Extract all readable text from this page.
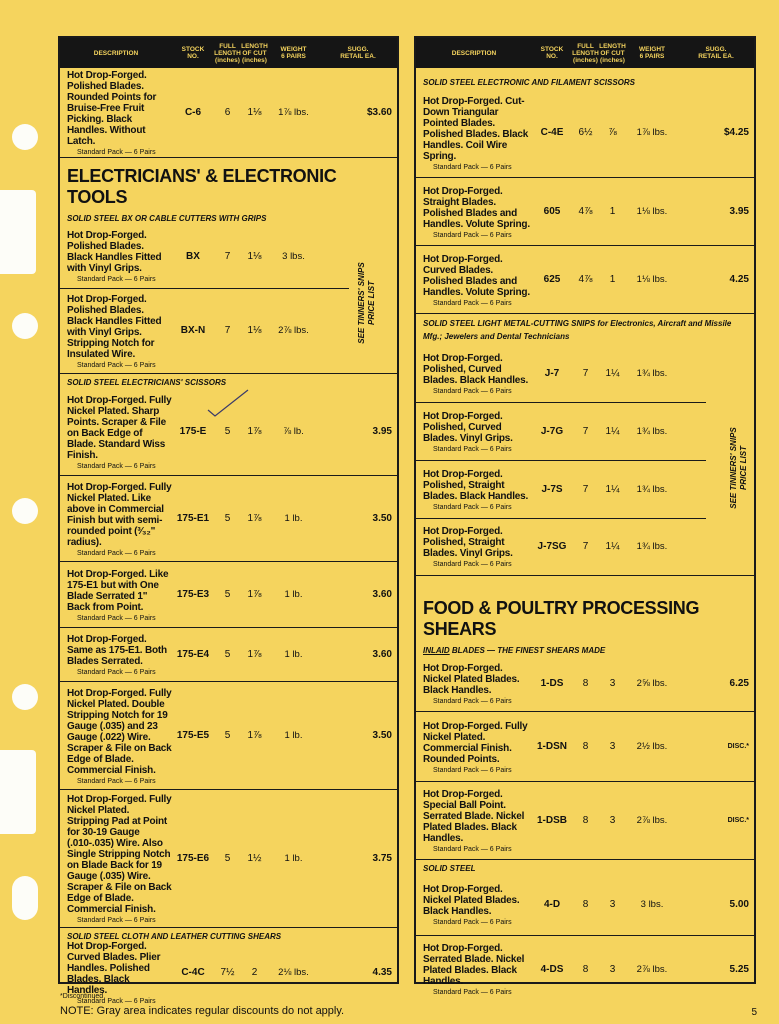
DESCRIPTION	STOCK
NO.
FULL
LENGTH
(inches)
LENGTH
OF CUT
(inches)
WEIGHT
6 PAIRS
SUGG.
RETAIL EA.
Hot Drop-Forged. Polished Blades. Rounded Points for Bruise-Free Fruit Picking. Black Handles. Without Latch.
Standard Pack — 6 Pairs
C-6	6	1⅛	1⅞ lbs.	$3.60
ELECTRICIANS' & ELECTRONIC TOOLS
SOLID STEEL BX OR CABLE CUTTERS WITH GRIPS
Hot Drop-Forged. Polished Blades. Black Handles Fitted with Vinyl Grips.
Standard Pack — 6 Pairs
BX	7	1⅛	3 lbs.
Hot Drop-Forged. Polished Blades. Black Handles Fitted with Vinyl Grips. Stripping Notch for Insulated Wire.
Standard Pack — 6 Pairs
BX-N	7	1⅛	2⅞ lbs.	SEE TINNERS' SNIPS PRICE LIST
SOLID STEEL ELECTRICIANS' SCISSORS
Hot Drop-Forged. Fully Nickel Plated. Sharp Points. Scraper & File on Back Edge of Blade. Standard Wiss Finish.
Standard Pack — 6 Pairs
175-E	5	1⅞	⅞ lb.	3.95
Hot Drop-Forged. Fully Nickel Plated. Like above in Commercial Finish but with semi-rounded point (³⁄₃₂" radius).
Standard Pack — 6 Pairs
175-E1	5	1⅞	1 lb.	3.50
Hot Drop-Forged. Like 175-E1 but with One Blade Serrated 1" Back from Point.
Standard Pack — 6 Pairs
175-E3	5	1⅞	1 lb.	3.60
Hot Drop-Forged. Same as 175-E1. Both Blades Serrated.
Standard Pack — 6 Pairs
175-E4	5	1⅞	1 lb.	3.60
Hot Drop-Forged. Fully Nickel Plated. Double Stripping Notch for 19 Gauge (.035) and 23 Gauge (.022) Wire. Scraper & File on Back Edge of Blade. Commercial Finish.
Standard Pack — 6 Pairs
175-E5	5	1⅞	1 lb.	3.50
Hot Drop-Forged. Fully Nickel Plated. Stripping Pad at Point for 30-19 Gauge (.010-.035) Wire. Also Single Stripping Notch on Blade Back for 19 Gauge (.035) Wire. Scraper & File on Back Edge of Blade. Commercial Finish.
Standard Pack — 6 Pairs
175-E6	5	1½	1 lb.	3.75
SOLID STEEL CLOTH AND LEATHER CUTTING SHEARS
Hot Drop-Forged. Curved Blades. Plier Handles. Polished Blades. Black Handles.
Standard Pack — 6 Pairs
C-4C	7½	2	2⅛ lbs.	4.35
DESCRIPTION	STOCK
NO.
FULL
LENGTH
(inches)
LENGTH
OF CUT
(inches)
WEIGHT
6 PAIRS
SUGG.
RETAIL EA.
SOLID STEEL ELECTRONIC AND FILAMENT SCISSORS
Hot Drop-Forged. Cut-Down Triangular Pointed Blades. Polished Blades. Black Handles. Coil Wire Spring.
Standard Pack — 6 Pairs
C-4E	6½	⅞	1⅞ lbs.	$4.25
Hot Drop-Forged. Straight Blades. Polished Blades and Handles. Volute Spring.
Standard Pack — 6 Pairs
605	4⅞	1	1⅛ lbs.	3.95
Hot Drop-Forged. Curved Blades. Polished Blades and Handles. Volute Spring.
Standard Pack — 6 Pairs
625	4⅞	1	1⅛ lbs.	4.25
SOLID STEEL LIGHT METAL-CUTTING SNIPS for Electronics, Aircraft and Missile Mfg.; Jewelers and Dental Technicians
Hot Drop-Forged. Polished, Curved Blades. Black Handles.
Standard Pack — 6 Pairs
J-7	7	1¼	1¾ lbs.
Hot Drop-Forged. Polished, Curved Blades. Vinyl Grips.
Standard Pack — 6 Pairs
J-7G	7	1¼	1¾ lbs.
Hot Drop-Forged. Polished, Straight Blades. Black Handles.
Standard Pack — 6 Pairs
J-7S	7	1¼	1¾ lbs.
Hot Drop-Forged. Polished, Straight Blades. Vinyl Grips.
Standard Pack — 6 Pairs
J-7SG	7	1¼	1¾ lbs.
SEE TINNERS' SNIPS PRICE LIST
FOOD & POULTRY PROCESSING SHEARS
INLAID BLADES — THE FINEST SHEARS MADE
Hot Drop-Forged. Nickel Plated Blades. Black Handles.
Standard Pack — 6 Pairs
1-DS	8	3	2⅝ lbs.	6.25
Hot Drop-Forged. Fully Nickel Plated. Commercial Finish. Rounded Points.
Standard Pack — 6 Pairs
1-DSN	8	3	2½ lbs.	DISC.*
Hot Drop-Forged. Special Ball Point. Serrated Blade. Nickel Plated Blades. Black Handles.
Standard Pack — 6 Pairs
1-DSB	8	3	2⅞ lbs.	DISC.*
SOLID STEEL
Hot Drop-Forged. Nickel Plated Blades. Black Handles.
Standard Pack — 6 Pairs
4-D	8	3	3 lbs.	5.00
Hot Drop-Forged. Serrated Blade. Nickel Plated Blades. Black Handles.
Standard Pack — 6 Pairs
4-DS	8	3	2⅞ lbs.	5.25
*Discontinued
NOTE: Gray area indicates regular discounts do not apply.	5
